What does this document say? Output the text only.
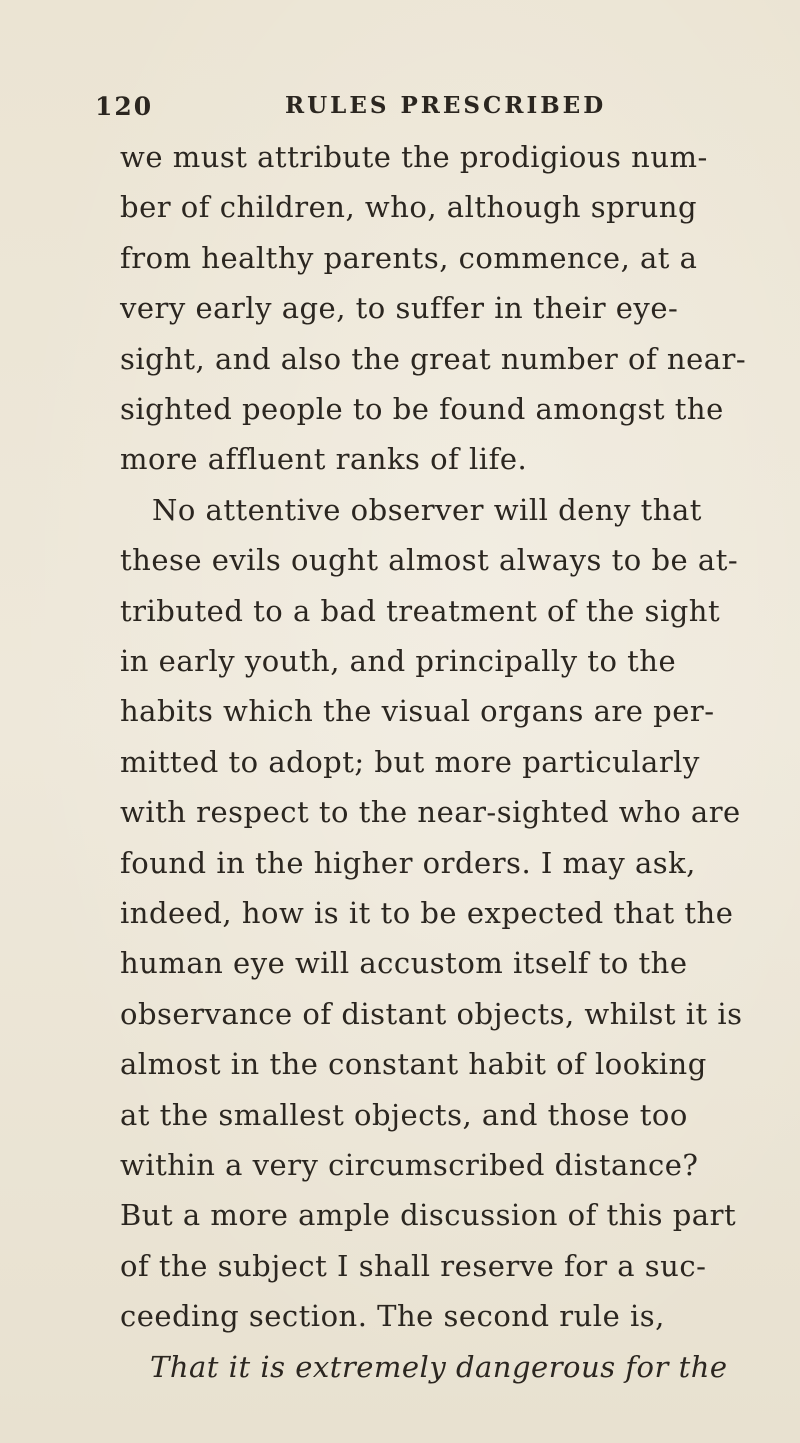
120	RULES PRESCRIBED
we must attribute the prodigious num-
ber of children, who, although sprung
from healthy parents, commence, at a
very early age, to suffer in their eye-
sight, and also the great number of near-
sighted people to be found amongst the
more affluent ranks of life.
No attentive observer will deny that
these evils ought almost always to be at-
tributed to a bad treatment of the sight
in early youth, and principally to the
habits which the visual organs are per-
mitted to adopt; but more particularly
with respect to the near-sighted who are
found in the higher orders. I may ask,
indeed, how is it to be expected that the
human eye will accustom itself to the
observance of distant objects, whilst it is
almost in the constant habit of looking
at the smallest objects, and those too
within a very circumscribed distance?
But a more ample discussion of this part
of the subject I shall reserve for a suc-
ceeding section. The second rule is,
That it is extremely dangerous for the
